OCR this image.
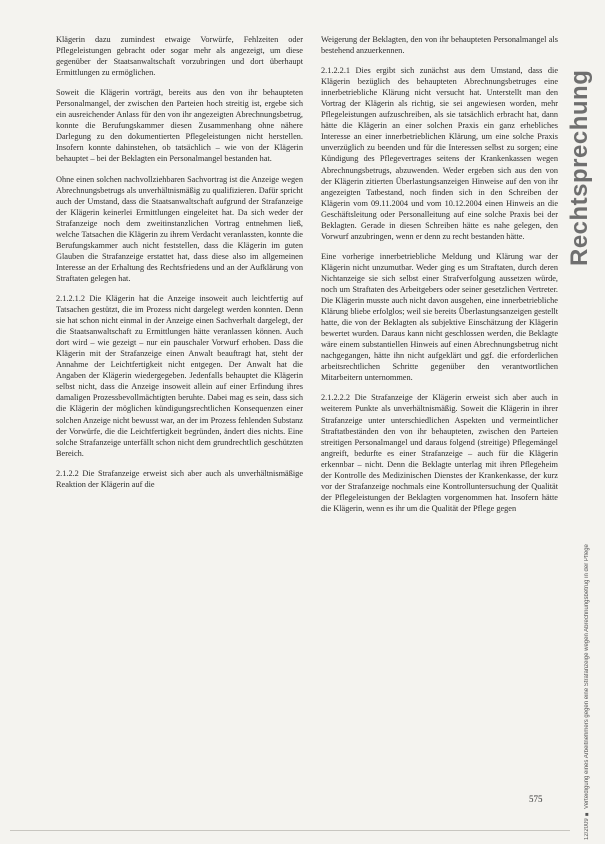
Klägerin dazu zumindest etwaige Vorwürfe, Fehlzeiten oder Pflegeleistungen gebracht oder sogar mehr als angezeigt, um diese gegenüber der Staatsanwaltschaft vorzubringen und dort überhaupt Ermittlungen zu ermöglichen.

Soweit die Klägerin vorträgt, bereits aus den von ihr behaupteten Personalmangel, der zwischen den Parteien hoch streitig ist, ergebe sich ein ausreichender Anlass für den von ihr angezeigten Abrechnungsbetrug, konnte die Berufungskammer diesen Zusammenhang ohne nähere Darlegung zu den dokumentierten Pflegeleistungen nicht herstellen. Insofern konnte dahinstehen, ob tatsächlich – wie von der Klägerin behauptet – bei der Beklagten ein Personalmangel bestanden hat.

Ohne einen solchen nachvollziehbaren Sachvortrag ist die Anzeige wegen Abrechnungsbetrugs als unverhältnismäßig zu qualifizieren. Dafür spricht auch der Umstand, dass die Staatsanwaltschaft aufgrund der Strafanzeige der Klägerin keinerlei Ermittlungen eingeleitet hat. Da sich weder der Strafanzeige noch dem zweitinstanzlichen Vortrag entnehmen ließ, welche Tatsachen die Klägerin zu ihrem Verdacht veranlassten, konnte die Berufungskammer auch nicht feststellen, dass die Klägerin im guten Glauben die Strafanzeige erstattet hat, dass diese also im allgemeinen Interesse an der Erhaltung des Rechtsfriedens und an der Aufklärung von Straftaten gelegen hat.

2.1.2.1.2 Die Klägerin hat die Anzeige insoweit auch leichtfertig auf Tatsachen gestützt, die im Prozess nicht dargelegt werden konnten. Denn sie hat schon nicht einmal in der Anzeige einen Sachverhalt dargelegt, der die Staatsanwaltschaft zu Ermittlungen hätte veranlassen können. Auch dort wird – wie gezeigt – nur ein pauschaler Vorwurf erhoben. Dass die Klägerin mit der Strafanzeige einen Anwalt beauftragt hat, steht der Annahme der Leichtfertigkeit nicht entgegen. Der Anwalt hat die Angaben der Klägerin wiedergegeben. Jedenfalls behauptet die Klägerin selbst nicht, dass die Anzeige insoweit allein auf einer Erfindung ihres damaligen Prozessbevollmächtigten beruhte. Dabei mag es sein, dass sich die Klägerin der möglichen kündigungsrechtlichen Konsequenzen einer solchen Anzeige nicht bewusst war, an der im Prozess fehlenden Substanz der Vorwürfe, die die Leichtfertigkeit begründen, ändert dies nichts. Eine solche Strafanzeige unterfällt schon nicht dem grundrechtlich geschützten Bereich.

2.1.2.2 Die Strafanzeige erweist sich aber auch als unverhältnismäßige Reaktion der Klägerin auf die

Weigerung der Beklagten, den von ihr behaupteten Personalmangel als bestehend anzuerkennen.

2.1.2.2.1 Dies ergibt sich zunächst aus dem Umstand, dass die Klägerin bezüglich des behaupteten Abrechnungsbetruges eine innerbetriebliche Klärung nicht versucht hat. Unterstellt man den Vortrag der Klägerin als richtig, sie sei angewiesen worden, mehr Pflegeleistungen aufzuschreiben, als sie tatsächlich erbracht hat, dann hätte die Klägerin an einer solchen Praxis ein ganz erhebliches Interesse an einer innerbetrieblichen Klärung, um eine solche Praxis unverzüglich zu beenden und für die Interessen selbst zu sorgen; eine Kündigung des Pflegevertrages seitens der Krankenkassen wegen Abrechnungsbetrugs, abzuwenden. Weder ergeben sich aus den von der Klägerin zitierten Überlastungsanzeigen Hinweise auf den von ihr angezeigten Tatbestand, noch finden sich in den Schreiben der Klägerin vom 09.11.2004 und vom 10.12.2004 einen Hinweis an die Geschäftsleitung oder Personalleitung auf eine solche Praxis bei der Beklagten. Gerade in diesen Schreiben hätte es nahe gelegen, den Vorwurf anzubringen, wenn er denn zu recht bestanden hätte.

Eine vorherige innerbetriebliche Meldung und Klärung war der Klägerin nicht unzumutbar. Weder ging es um Straftaten, durch deren Nichtanzeige sie sich selbst einer Strafverfolgung aussetzen würde, noch um Straftaten des Arbeitgebers oder seiner gesetzlichen Vertreter. Die Klägerin musste auch nicht davon ausgehen, eine innerbetriebliche Klärung bliebe erfolglos; weil sie bereits Überlastungsanzeigen gestellt hatte, die von der Beklagten als subjektive Einschätzung der Klägerin bewertet wurden. Daraus kann nicht geschlossen werden, die Beklagte wäre einem substantiellen Hinweis auf einen Abrechnungsbetrug nicht nachgegangen, hätte ihn nicht aufgeklärt und ggf. die erforderlichen arbeitsrechtlichen Schritte gegenüber den verantwortlichen Mitarbeitern unternommen.

2.1.2.2.2 Die Strafanzeige der Klägerin erweist sich aber auch in weiterem Punkte als unverhältnismäßig. Soweit die Klägerin in ihrer Strafanzeige unter unterschiedlichen Aspekten und vermeintlicher Straftatbeständen den von ihr behaupteten, zwischen den Parteien streitigen Personalmangel und daraus folgend (streitige) Pflegemängel angreift, bedurfte es einer Strafanzeige – auch für die Klägerin erkennbar – nicht. Denn die Beklagte unterlag mit ihren Pflegeheim der Kontrolle des Medizinischen Dienstes der Krankenkasse, der kurz vor der Strafanzeige nochmals eine Kontrolluntersuchung der Qualität der Pflegeleistungen der Beklagten vorgenommen hat. Insofern hätte die Klägerin, wenn es ihr um die Qualität der Pflege gegen

Rechtsprechung
12/2009 ■ Verteidigung eines Arbeitnehmers gegen eine Strafanzeige wegen Abrechnungsbetrug in der Pflege
575
